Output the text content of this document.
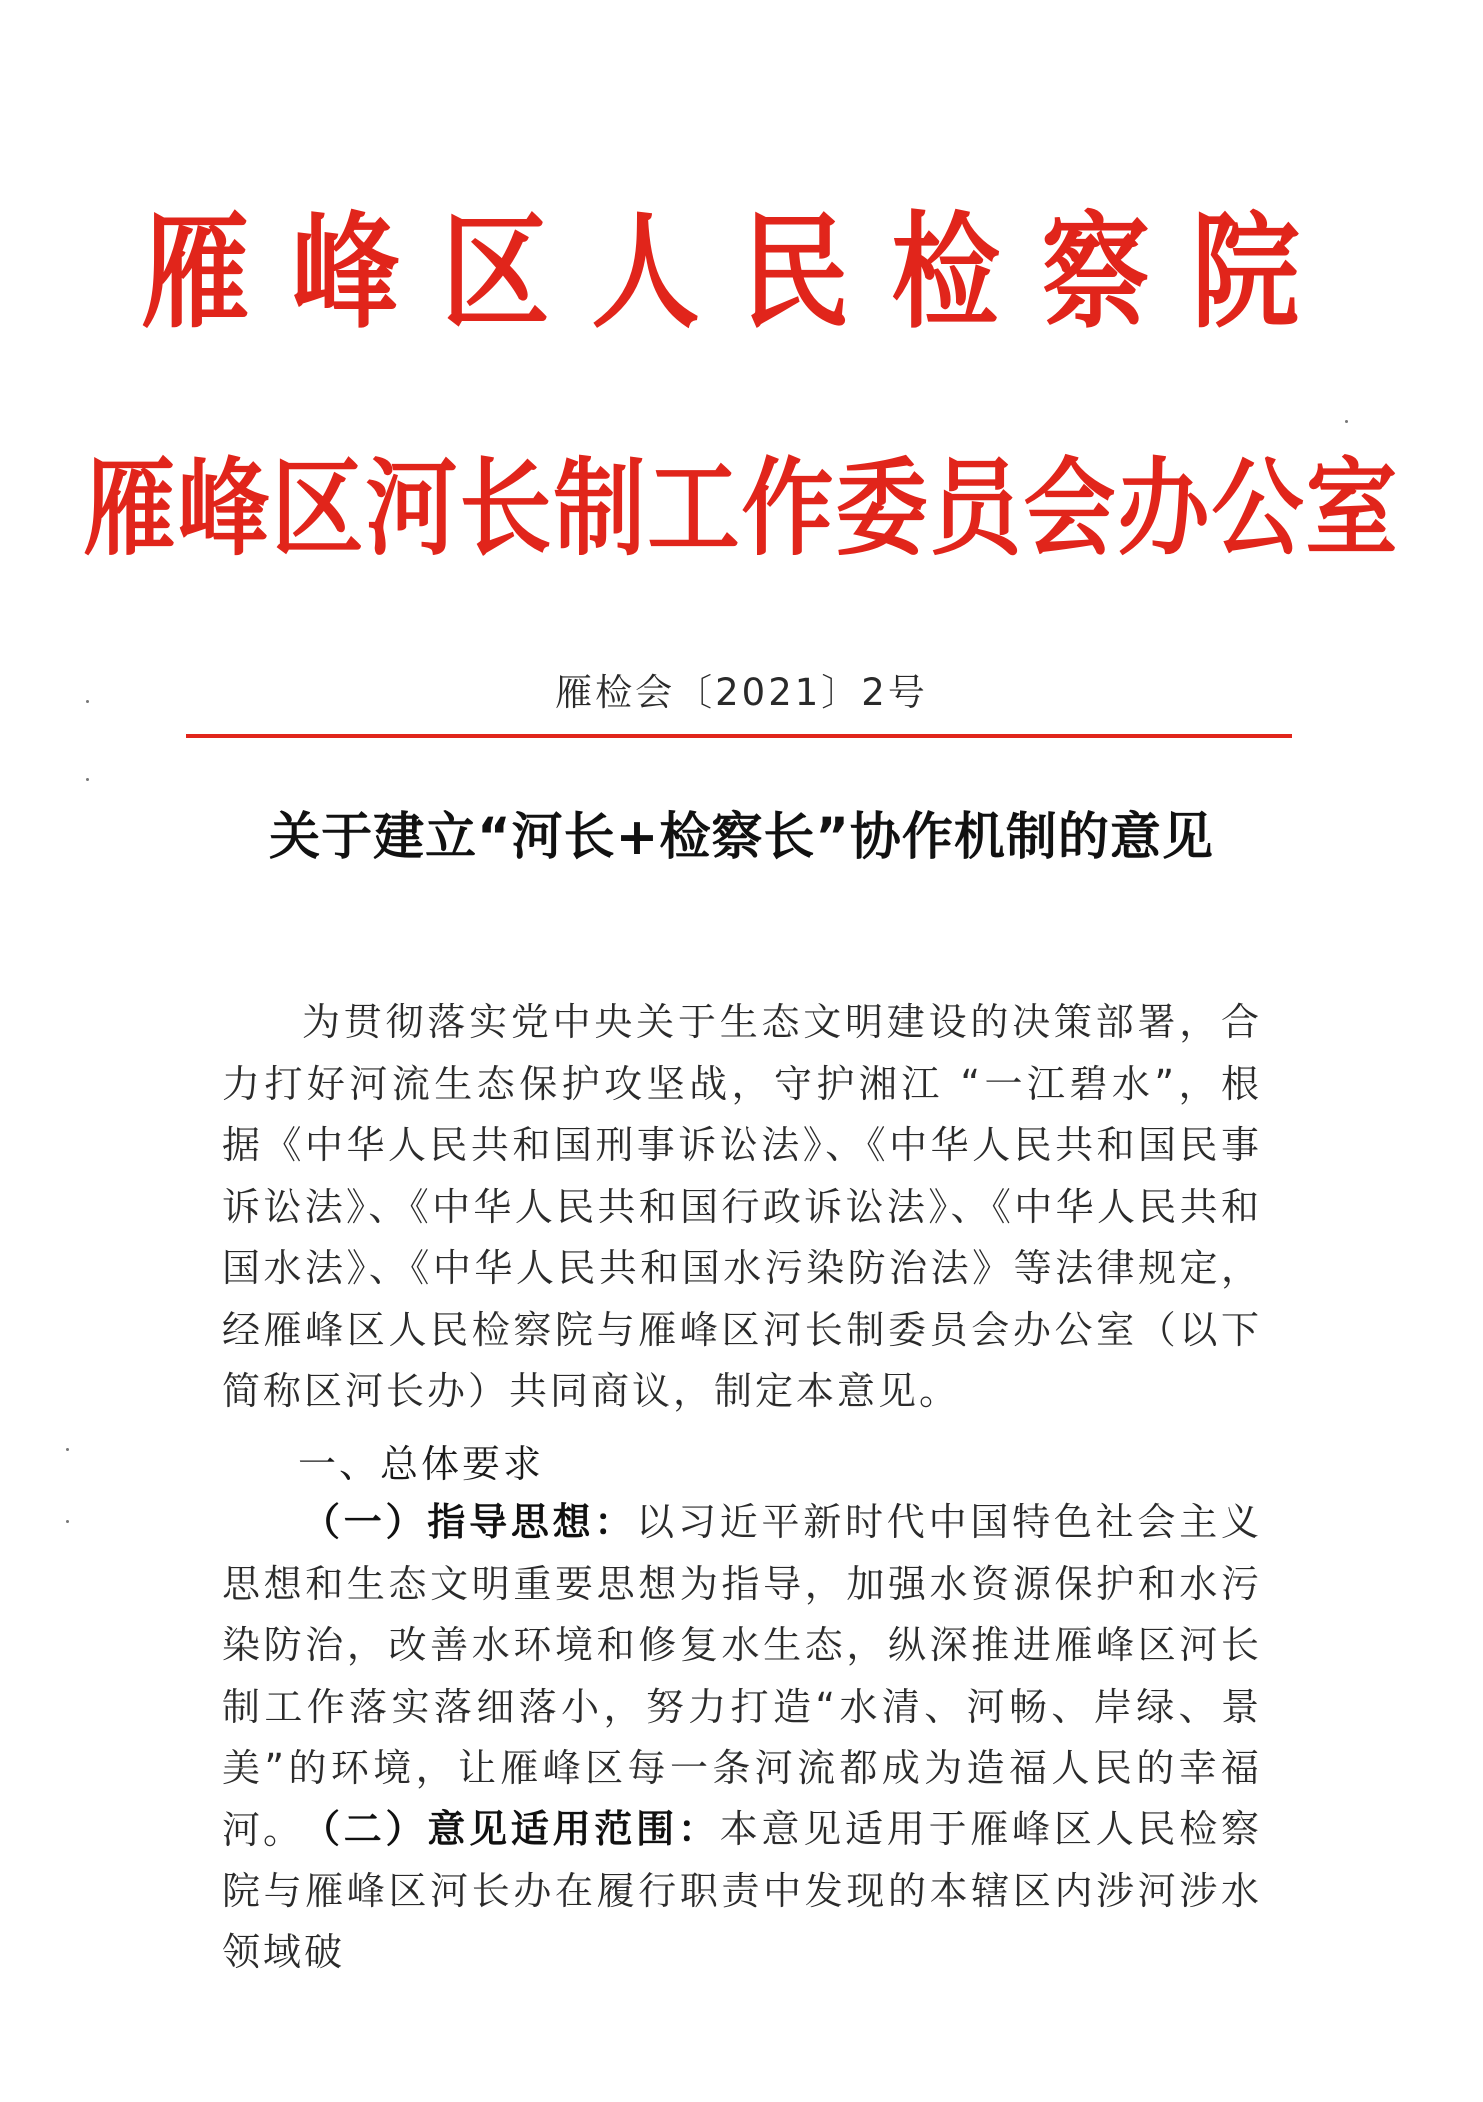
雁峰区人民检察院
雁峰区河长制工作委员会办公室
雁检会〔2021〕2号
关于建立“河长+检察长”协作机制的意见
为贯彻落实党中央关于生态文明建设的决策部署，合力打好河流生态保护攻坚战，守护湘江 “一江碧水”，根据《中华人民共和国刑事诉讼法》、《中华人民共和国民事诉讼法》、《中华人民共和国行政诉讼法》、《中华人民共和国水法》、《中华人民共和国水污染防治法》等法律规定，经雁峰区人民检察院与雁峰区河长制委员会办公室（以下简称区河长办）共同商议，制定本意见。
一、总体要求
（一）指导思想：以习近平新时代中国特色社会主义思想和生态文明重要思想为指导，加强水资源保护和水污染防治，改善水环境和修复水生态，纵深推进雁峰区河长制工作落实落细落小，努力打造“水清、河畅、岸绿、景美”的环境，让雁峰区每一条河流都成为造福人民的幸福河。
（二）意见适用范围：本意见适用于雁峰区人民检察院与雁峰区河长办在履行职责中发现的本辖区内涉河涉水领域破
